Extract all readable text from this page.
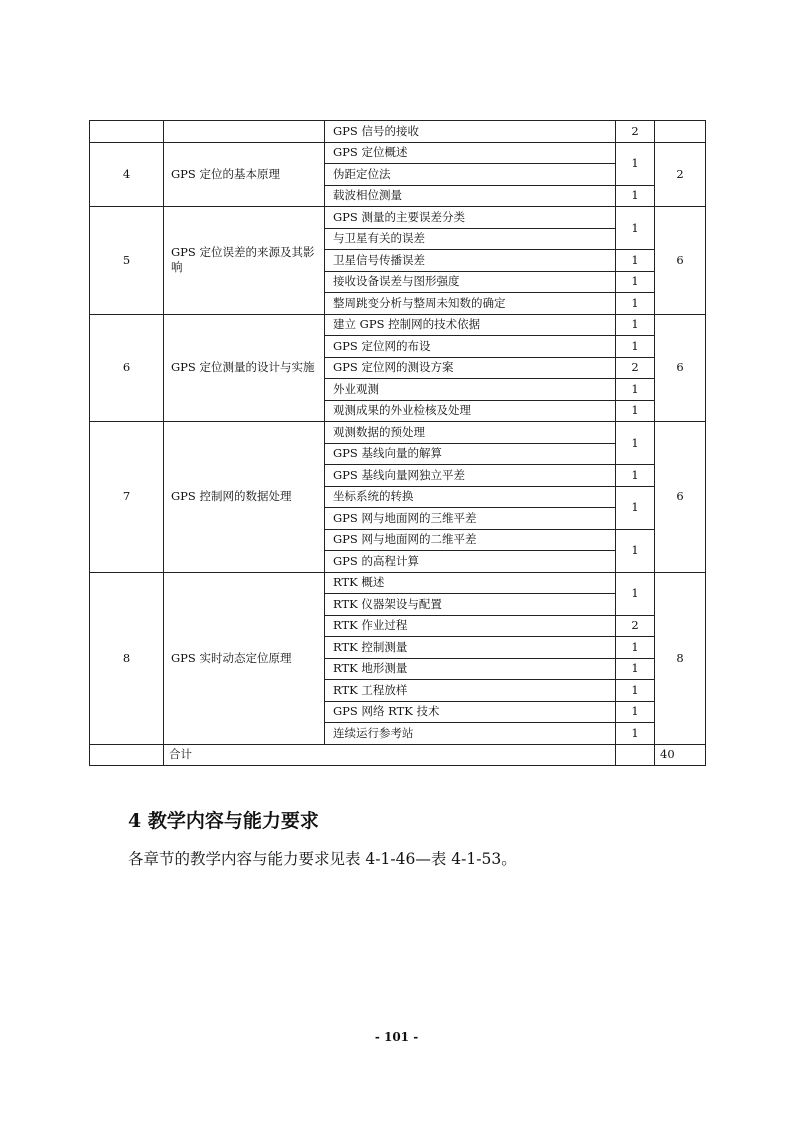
		GPS 信号的接收	2	
4	GPS 定位的基本原理	GPS 定位概述	1	2
		伪距定位法		
		载波相位测量	1	
5	GPS 定位误差的来源及其影响	GPS 测量的主要误差分类	1	6
		与卫星有关的误差		
		卫星信号传播误差	1	
		接收设备误差与图形强度	1	
		整周跳变分析与整周未知数的确定	1	
6	GPS 定位测量的设计与实施	建立 GPS 控制网的技术依据	1	6
		GPS 定位网的布设	1	
		GPS 定位网的测设方案	2	
		外业观测	1	
		观测成果的外业检核及处理	1	
7	GPS 控制网的数据处理	观测数据的预处理	1	6
		GPS 基线向量的解算		
		GPS 基线向量网独立平差	1	
		坐标系统的转换	1	
		GPS 网与地面网的三维平差		
		GPS 网与地面网的二维平差	1	
		GPS 的高程计算		
8	GPS 实时动态定位原理	RTK 概述	1	8
		RTK 仪器架设与配置		
		RTK 作业过程	2	
		RTK 控制测量	1	
		RTK 地形测量	1	
		RTK 工程放样	1	
		GPS 网络 RTK 技术	1	
		连续运行参考站	1	
	合计			40
4 教学内容与能力要求

各章节的教学内容与能力要求见表 4-1-46—表 4-1-53。

- 101 -
